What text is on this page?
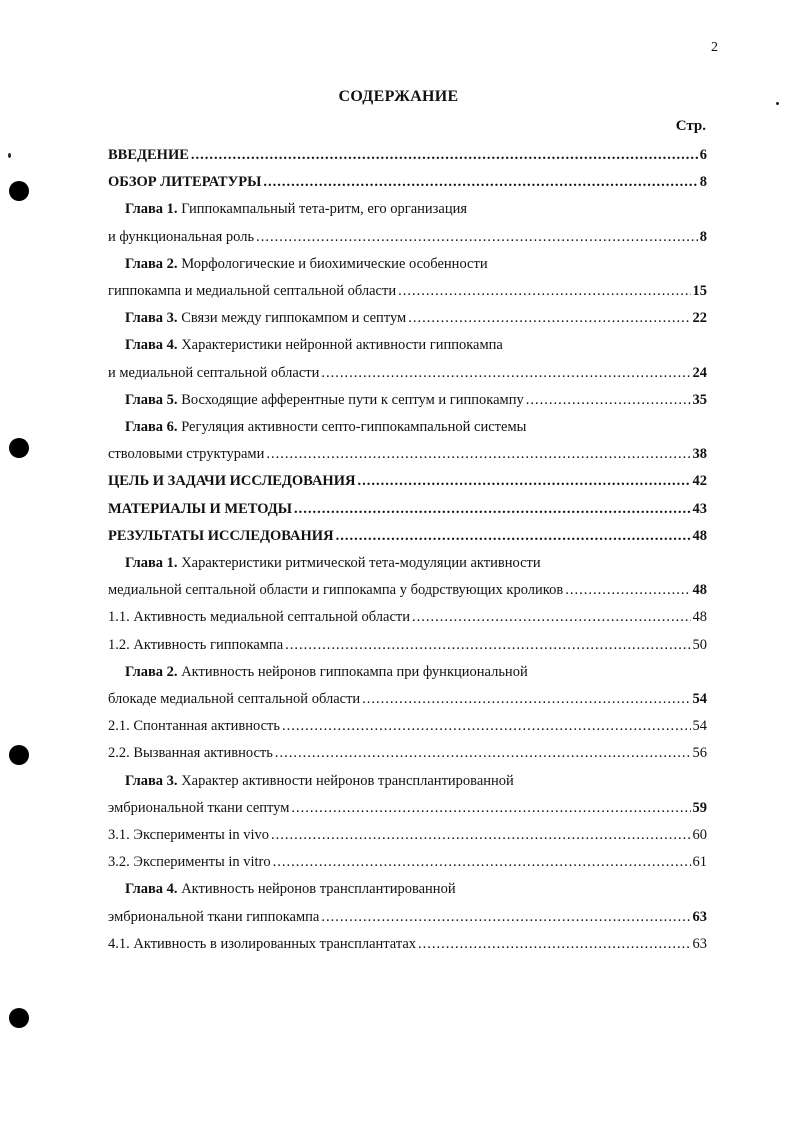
2
СОДЕРЖАНИЕ
Стр.
ВВЕДЕНИЕ .....	6
ОБЗОР ЛИТЕРАТУРЫ .....	8
Глава 1. Гиппокампальный тета-ритм, его организация
и функциональная роль .....	8
Глава 2. Морфологические и биохимические особенности
гиппокампа и медиальной септальной области .....	15
Глава 3. Связи между гиппокампом и септум .....	22
Глава 4. Характеристики нейронной активности гиппокампа
и медиальной септальной области .....	24
Глава 5. Восходящие афферентные пути к септум и гиппокампу .....	35
Глава 6. Регуляция активности септо-гиппокампальной системы
стволовыми структурами .....	38
ЦЕЛЬ И ЗАДАЧИ ИССЛЕДОВАНИЯ .....	42
МАТЕРИАЛЫ И МЕТОДЫ .....	43
РЕЗУЛЬТАТЫ ИССЛЕДОВАНИЯ .....	48
Глава 1. Характеристики ритмической тета-модуляции активности
медиальной септальной области и гиппокампа у бодрствующих кроликов .....	48
1.1. Активность медиальной септальной области .....	48
1.2. Активность гиппокампа .....	50
Глава 2. Активность нейронов гиппокампа при функциональной
блокаде медиальной септальной области .....	54
2.1. Спонтанная активность .....	54
2.2. Вызванная активность .....	56
Глава 3. Характер активности нейронов трансплантированной
эмбриональной ткани септум .....	59
3.1. Эксперименты in vivo .....	60
3.2. Эксперименты in vitro .....	61
Глава 4. Активность нейронов трансплантированной
эмбриональной ткани гиппокампа .....	63
4.1. Активность в изолированных трансплантатах .....	63
